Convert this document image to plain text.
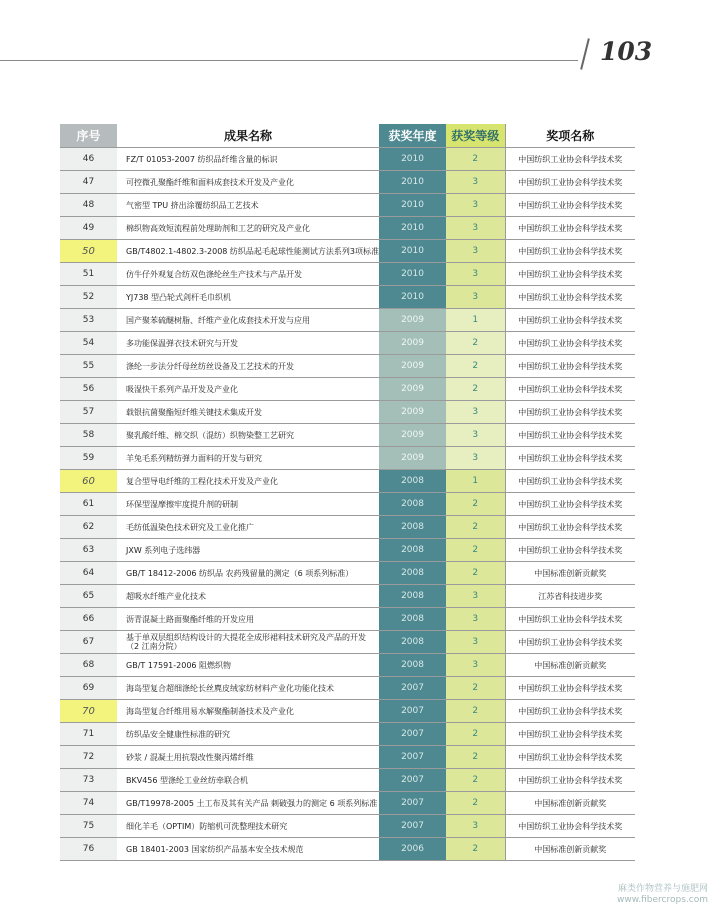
103
序号	成果名称	获奖年度	获奖等级	奖项名称
46	FZ/T 01053-2007 纺织品纤维含量的标识	2010	2	中国纺织工业协会科学技术奖
47	可控微孔聚酯纤维和面料成套技术开发及产业化	2010	3	中国纺织工业协会科学技术奖
48	气密型 TPU 挤出涂覆纺织品工艺技术	2010	3	中国纺织工业协会科学技术奖
49	棉织物高效短流程前处理助剂和工艺的研究及产业化	2010	3	中国纺织工业协会科学技术奖
50	GB/T4802.1-4802.3-2008 纺织品起毛起球性能测试方法系列3项标准	2010	3	中国纺织工业协会科学技术奖
51	仿牛仔外观复合纺双色涤纶丝生产技术与产品开发	2010	3	中国纺织工业协会科学技术奖
52	YJ738 型凸轮式剑杆毛巾织机	2010	3	中国纺织工业协会科学技术奖
53	国产聚苯硫醚树脂、纤维产业化成套技术开发与应用	2009	1	中国纺织工业协会科学技术奖
54	多功能保温弹衣技术研究与开发	2009	2	中国纺织工业协会科学技术奖
55	涤纶一步法分纤母丝纺丝设备及工艺技术的开发	2009	2	中国纺织工业协会科学技术奖
56	吸湿快干系列产品开发及产业化	2009	2	中国纺织工业协会科学技术奖
57	载银抗菌聚酯短纤维关键技术集成开发	2009	3	中国纺织工业协会科学技术奖
58	聚乳酸纤维、棉交织（混纺）织物染整工艺研究	2009	3	中国纺织工业协会科学技术奖
59	羊兔毛系列精纺弹力面料的开发与研究	2009	3	中国纺织工业协会科学技术奖
60	复合型导电纤维的工程化技术开发及产业化	2008	1	中国纺织工业协会科学技术奖
61	环保型湿摩擦牢度提升剂的研制	2008	2	中国纺织工业协会科学技术奖
62	毛纺低温染色技术研究及工业化推广	2008	2	中国纺织工业协会科学技术奖
63	JXW 系列电子选纬器	2008	2	中国纺织工业协会科学技术奖
64	GB/T 18412-2006 纺织品 农药残留量的测定（6 项系列标准）	2008	2	中国标准创新贡献奖
65	超吸水纤维产业化技术	2008	3	江苏省科技进步奖
66	沥青混凝土路面聚酯纤维的开发应用	2008	3	中国纺织工业协会科学技术奖
67	基于单双层组织结构设计的大提花全成形裙料技术研究及产品的开发（2 江南分院）	2008	3	中国纺织工业协会科学技术奖
68	GB/T 17591-2006 阻燃织物	2008	3	中国标准创新贡献奖
69	海岛型复合超细涤纶长丝麂皮绒家纺材料产业化功能化技术	2007	2	中国纺织工业协会科学技术奖
70	海岛型复合纤维用易水解聚酯制备技术及产业化	2007	2	中国纺织工业协会科学技术奖
71	纺织品安全健康性标准的研究	2007	2	中国纺织工业协会科学技术奖
72	砂浆 / 混凝土用抗裂改性聚丙烯纤维	2007	2	中国纺织工业协会科学技术奖
73	BKV456 型涤纶工业丝纺牵联合机	2007	2	中国纺织工业协会科学技术奖
74	GB/T19978-2005 土工布及其有关产品 刺破强力的测定 6 项系列标准	2007	2	中国标准创新贡献奖
75	细化羊毛（OPTIM）防缩机可洗整理技术研究	2007	3	中国纺织工业协会科学技术奖
76	GB 18401-2003 国家纺织产品基本安全技术规范	2006	2	中国标准创新贡献奖
麻类作物营养与施肥网
www.fibercrops.com
